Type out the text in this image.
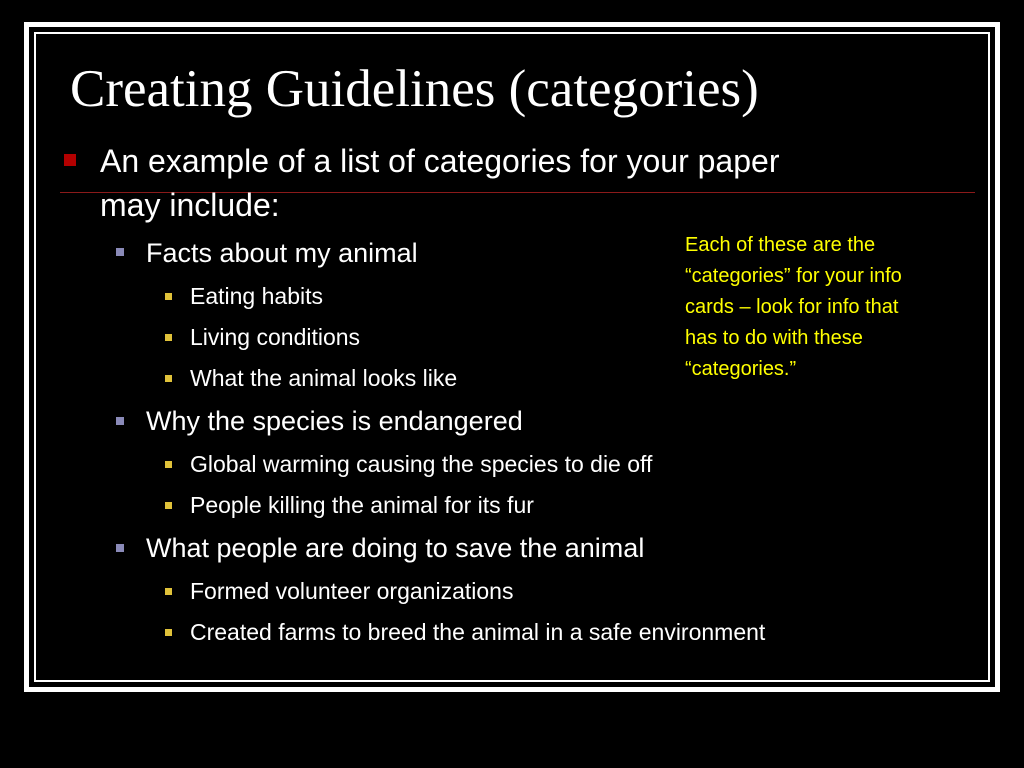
Creating Guidelines (categories)
An example of a list of categories for your paper
may include:
Facts about my animal
Eating habits
Living conditions
What the animal looks like
Why the species is endangered
Global warming causing the species to die off
People killing the animal for its fur
What people are doing to save the animal
Formed volunteer organizations
Created farms to breed the animal in a safe environment

Each of these are the
“categories” for your info
cards – look for info that
has to do with these
“categories.”
